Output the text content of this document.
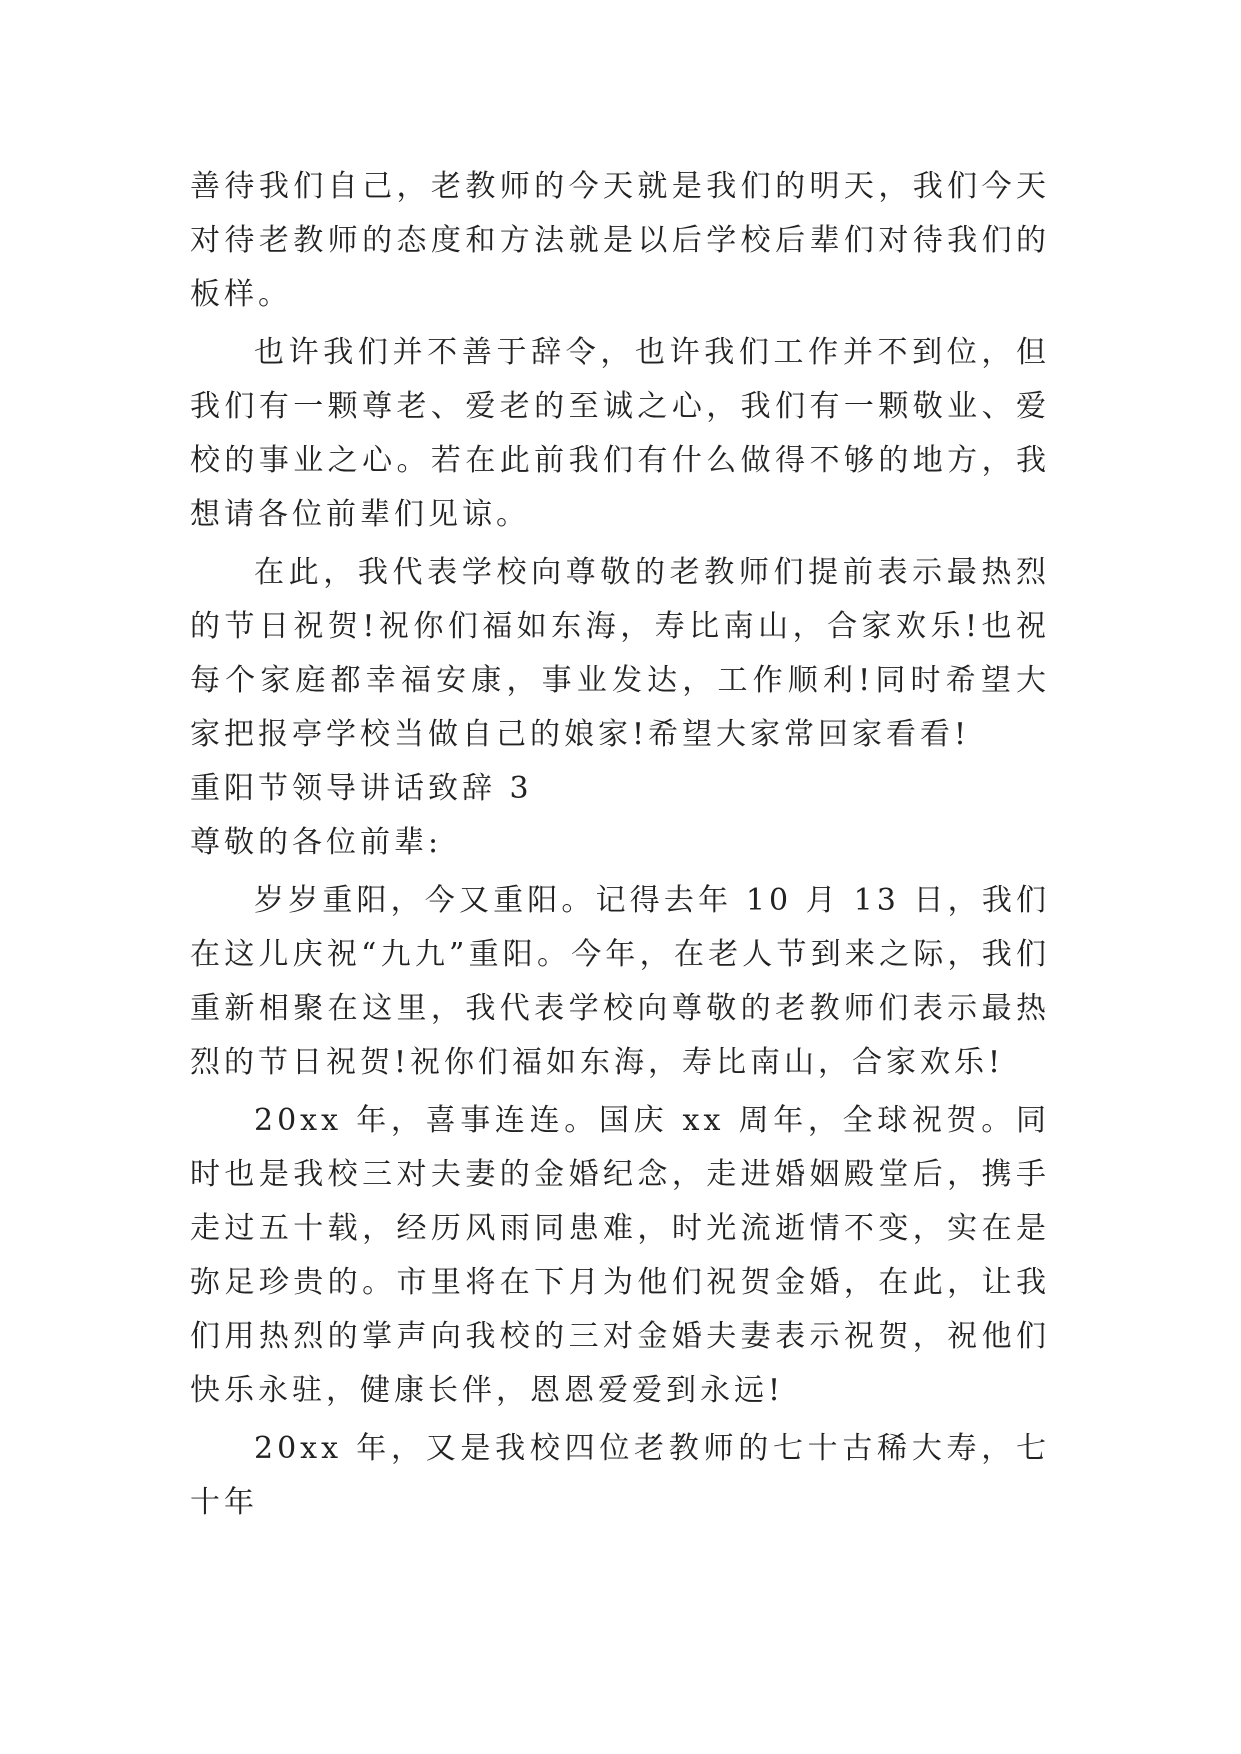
善待我们自己，老教师的今天就是我们的明天，我们今天对待老教师的态度和方法就是以后学校后辈们对待我们的板样。

也许我们并不善于辞令，也许我们工作并不到位，但我们有一颗尊老、爱老的至诚之心，我们有一颗敬业、爱校的事业之心。若在此前我们有什么做得不够的地方，我想请各位前辈们见谅。

在此，我代表学校向尊敬的老教师们提前表示最热烈的节日祝贺!祝你们福如东海，寿比南山，合家欢乐!也祝每个家庭都幸福安康，事业发达，工作顺利!同时希望大家把报亭学校当做自己的娘家!希望大家常回家看看!

重阳节领导讲话致辞 3

尊敬的各位前辈:

岁岁重阳，今又重阳。记得去年 10 月 13 日，我们在这儿庆祝“九九”重阳。今年，在老人节到来之际，我们重新相聚在这里，我代表学校向尊敬的老教师们表示最热烈的节日祝贺!祝你们福如东海，寿比南山，合家欢乐!

20xx 年，喜事连连。国庆 xx 周年，全球祝贺。同时也是我校三对夫妻的金婚纪念，走进婚姻殿堂后，携手走过五十载，经历风雨同患难，时光流逝情不变，实在是弥足珍贵的。市里将在下月为他们祝贺金婚，在此，让我们用热烈的掌声向我校的三对金婚夫妻表示祝贺，祝他们快乐永驻，健康长伴，恩恩爱爱到永远!

20xx 年，又是我校四位老教师的七十古稀大寿，七十年
